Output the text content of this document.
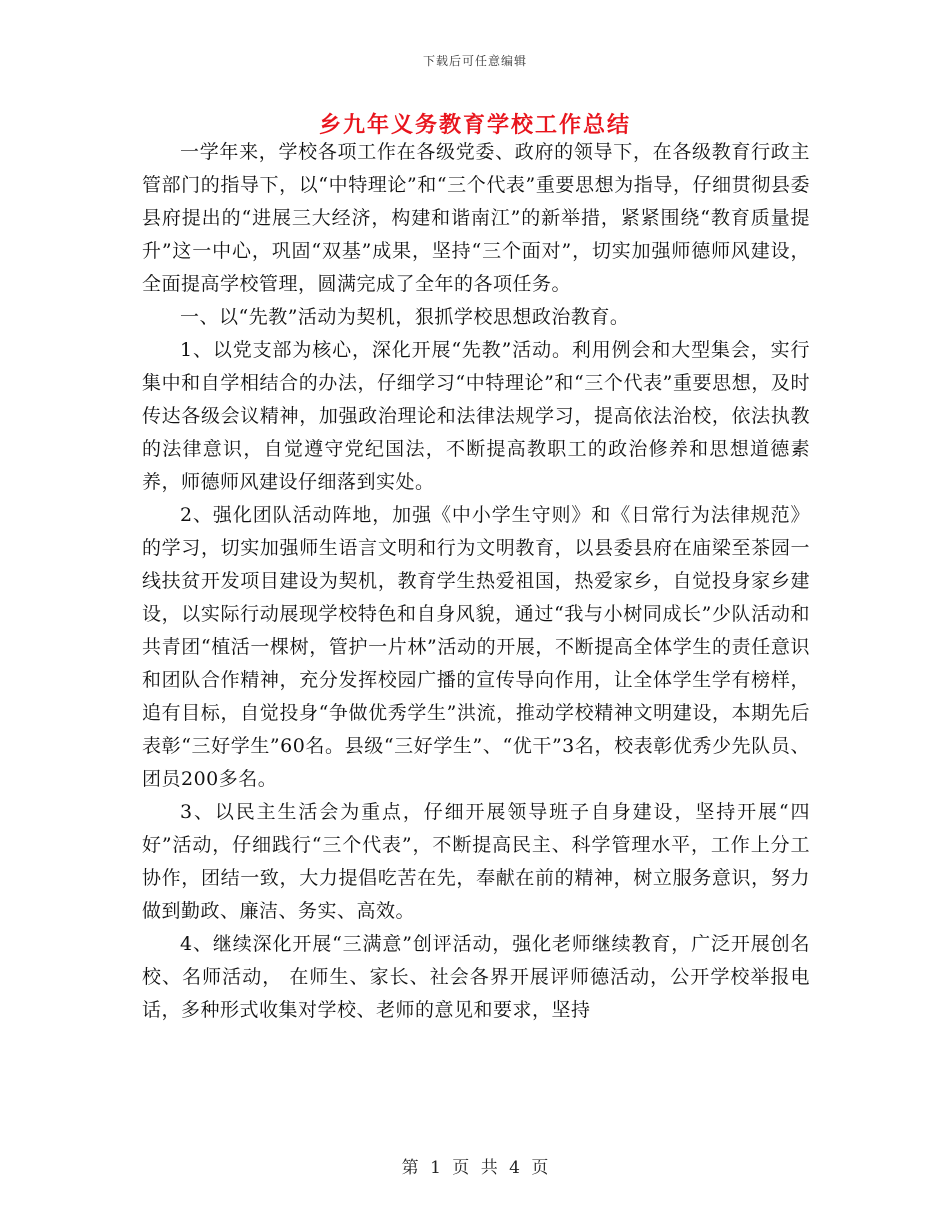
下载后可任意编辑
乡九年义务教育学校工作总结

一学年来，学校各项工作在各级党委、政府的领导下，在各级教育行政主管部门的指导下，以“中特理论”和“三个代表”重要思想为指导，仔细贯彻县委县府提出的“进展三大经济，构建和谐南江”的新举措，紧紧围绕“教育质量提升”这一中心，巩固“双基”成果，坚持“三个面对”，切实加强师德师风建设，全面提高学校管理，圆满完成了全年的各项任务。

一、以“先教”活动为契机，狠抓学校思想政治教育。

1、以党支部为核心，深化开展“先教”活动。利用例会和大型集会，实行集中和自学相结合的办法，仔细学习“中特理论”和“三个代表”重要思想，及时传达各级会议精神，加强政治理论和法律法规学习，提高依法治校，依法执教的法律意识，自觉遵守党纪国法，不断提高教职工的政治修养和思想道德素养，师德师风建设仔细落到实处。

2、强化团队活动阵地，加强《中小学生守则》和《日常行为法律规范》的学习，切实加强师生语言文明和行为文明教育，以县委县府在庙梁至茶园一线扶贫开发项目建设为契机，教育学生热爱祖国，热爱家乡，自觉投身家乡建设，以实际行动展现学校特色和自身风貌，通过“我与小树同成长”少队活动和共青团“植活一棵树，管护一片林”活动的开展，不断提高全体学生的责任意识和团队合作精神，充分发挥校园广播的宣传导向作用，让全体学生学有榜样，追有目标，自觉投身“争做优秀学生”洪流，推动学校精神文明建设，本期先后表彰“三好学生”60名。县级“三好学生”、“优干”3名，校表彰优秀少先队员、团员200多名。

3、以民主生活会为重点，仔细开展领导班子自身建设，坚持开展“四好”活动，仔细践行“三个代表”，不断提高民主、科学管理水平，工作上分工协作，团结一致，大力提倡吃苦在先，奉献在前的精神，树立服务意识，努力做到勤政、廉洁、务实、高效。

4、继续深化开展“三满意”创评活动，强化老师继续教育，广泛开展创名校、名师活动， 在师生、家长、社会各界开展评师德活动，公开学校举报电话，多种形式收集对学校、老师的意见和要求，坚持

第 1 页 共 4 页
